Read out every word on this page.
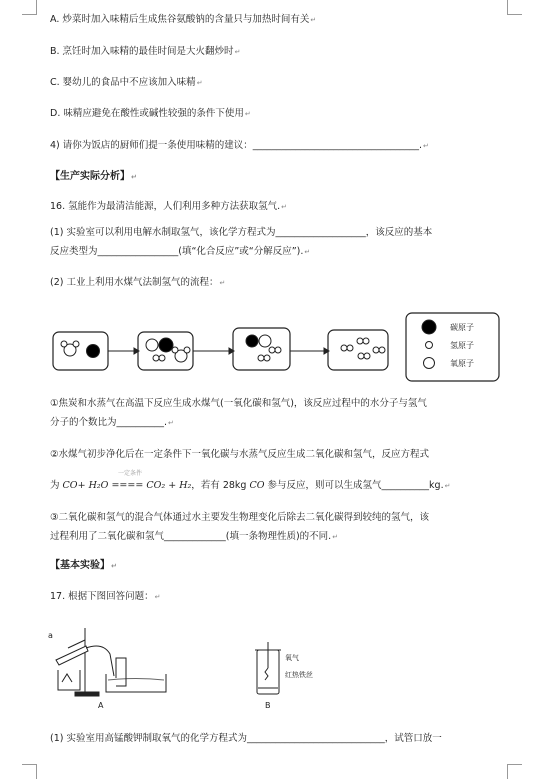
A. 炒菜时加入味精后生成焦谷氨酸钠的含量只与加热时间有关↵
B. 烹饪时加入味精的最佳时间是大火翻炒时↵
C. 婴幼儿的食品中不应该加入味精↵
D. 味精应避免在酸性或碱性较强的条件下使用↵
4) 请你为饭店的厨师们提一条使用味精的建议：___________________________________.↵
【生产实际分析】↵
16. 氢能作为最清洁能源，人们利用多种方法获取氢气.↵
(1) 实验室可以利用电解水制取氢气，该化学方程式为___________________，该反应的基本
反应类型为_________________(填“化合反应”或“分解反应”).↵
(2) 工业上利用水煤气法制氢气的流程：↵
碳原子
氢原子
氧原子
①焦炭和水蒸气在高温下反应生成水煤气(一氧化碳和氢气)，该反应过程中的水分子与氢气
分子的个数比为__________.↵
②水煤气初步净化后在一定条件下一氧化碳与水蒸气反应生成二氧化碳和氢气，反应方程式
一定条件
为 CO+ H₂O ==== CO₂ + H₂，若有 28kg CO 参与反应，则可以生成氢气__________kg.↵
③二氧化碳和氢气的混合气体通过水主要发生物理变化后除去二氧化碳得到较纯的氢气，该
过程利用了二氧化碳和氢气_____________(填一条物理性质)的不同.↵
【基本实验】↵
17. 根据下图回答问题：↵
a
A
氧气
红热铁丝
B
(1) 实验室用高锰酸钾制取氧气的化学方程式为_____________________________，试管口放一
